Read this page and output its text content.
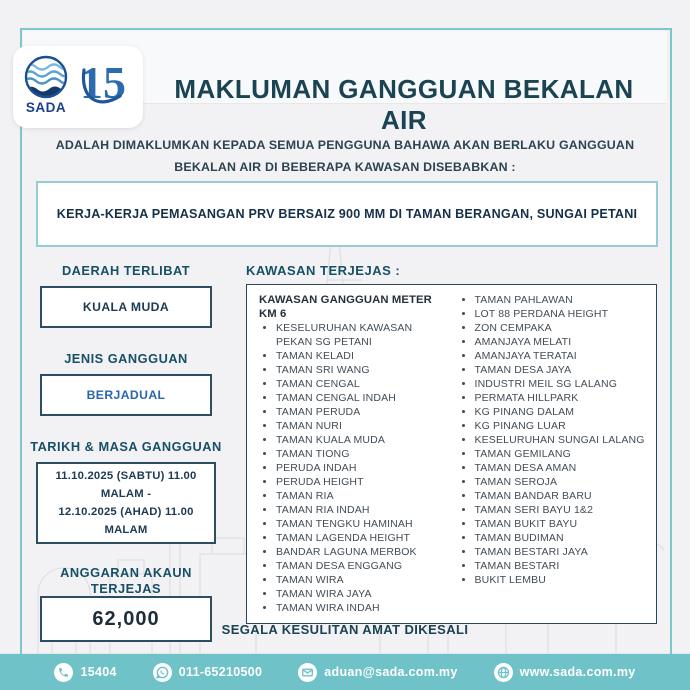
SADA 15	MAKLUMAN GANGGUAN BEKALAN AIR
ADALAH DIMAKLUMKAN KEPADA SEMUA PENGGUNA BAHAWA AKAN BERLAKU GANGGUAN
BEKALAN AIR DI BEBERAPA KAWASAN DISEBABKAN :
KERJA-KERJA PEMASANGAN PRV BERSAIZ 900 MM DI TAMAN BERANGAN, SUNGAI PETANI
DAERAH TERLIBAT
KUALA MUDA
JENIS GANGGUAN
BERJADUAL
TARIKH & MASA GANGGUAN
11.10.2025 (SABTU) 11.00 MALAM -
12.10.2025 (AHAD) 11.00 MALAM
ANGGARAN AKAUN TERJEJAS
62,000
KAWASAN TERJEJAS :
KAWASAN GANGGUAN METER KM 6
• KESELURUHAN KAWASAN PEKAN SG PETANI
• TAMAN KELADI
• TAMAN SRI WANG
• TAMAN CENGAL
• TAMAN CENGAL INDAH
• TAMAN PERUDA
• TAMAN NURI
• TAMAN KUALA MUDA
• TAMAN TIONG
• PERUDA INDAH
• PERUDA HEIGHT
• TAMAN RIA
• TAMAN RIA INDAH
• TAMAN TENGKU HAMINAH
• TAMAN LAGENDA HEIGHT
• BANDAR LAGUNA MERBOK
• TAMAN DESA ENGGANG
• TAMAN WIRA
• TAMAN WIRA JAYA
• TAMAN WIRA INDAH
• TAMAN PAHLAWAN
• LOT 88 PERDANA HEIGHT
• ZON CEMPAKA
• AMANJAYA MELATI
• AMANJAYA TERATAI
• TAMAN DESA JAYA
• INDUSTRI MEIL SG LALANG
• PERMATA HILLPARK
• KG PINANG DALAM
• KG PINANG LUAR
• KESELURUHAN SUNGAI LALANG
• TAMAN GEMILANG
• TAMAN DESA AMAN
• TAMAN SEROJA
• TAMAN BANDAR BARU
• TAMAN SERI BAYU 1&2
• TAMAN BUKIT BAYU
• TAMAN BUDIMAN
• TAMAN BESTARI JAYA
• TAMAN BESTARI
• BUKIT LEMBU
SEGALA KESULITAN AMAT DIKESALI
15404	011-65210500	aduan@sada.com.my	www.sada.com.my
